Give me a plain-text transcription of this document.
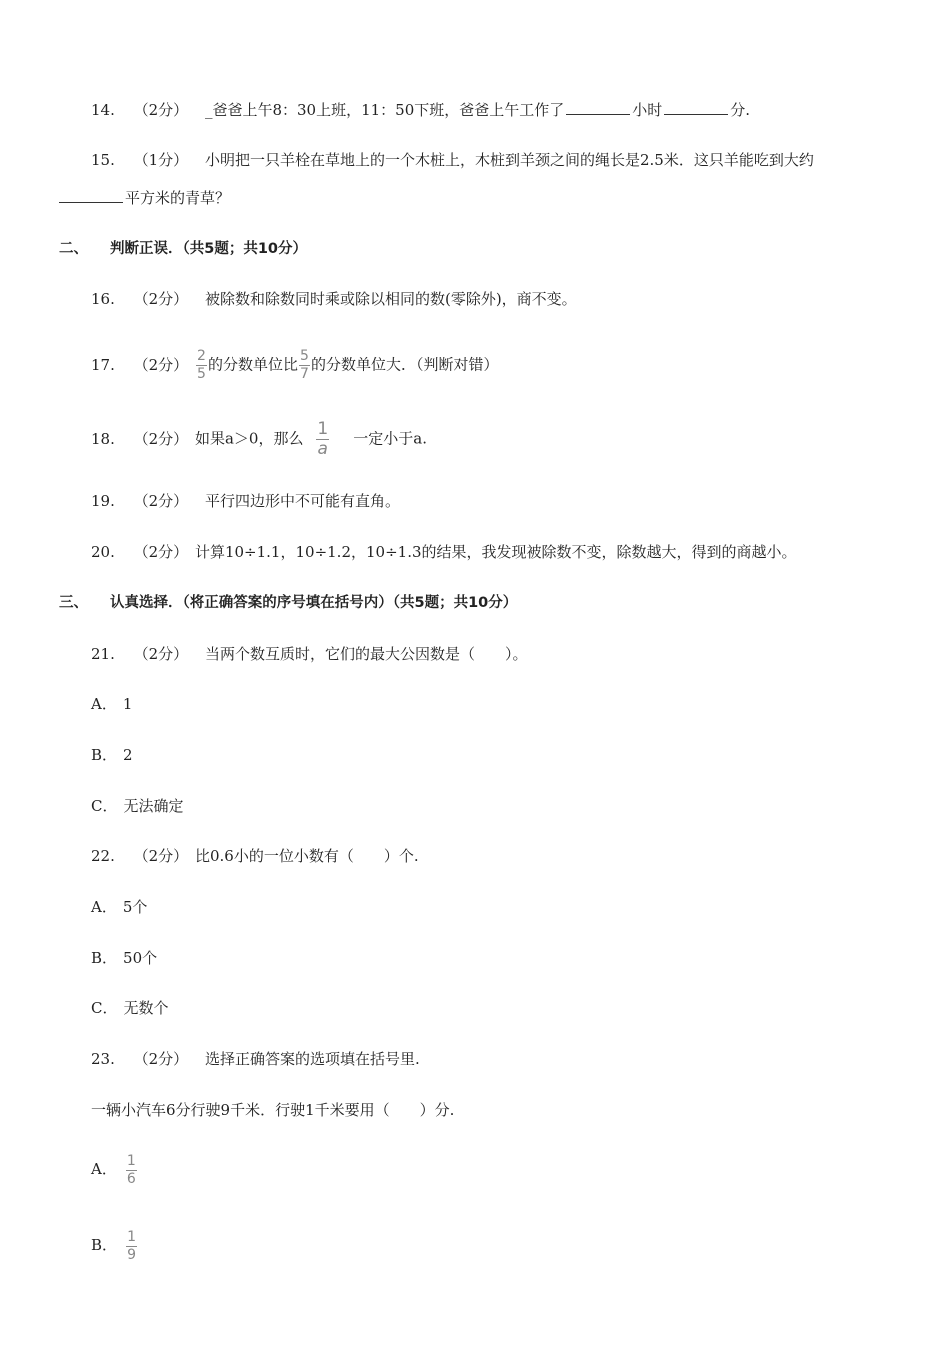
14. （2分） _爸爸上午8：30上班，11：50下班，爸爸上午工作了	小时	分.
15. （1分） 小明把一只羊栓在草地上的一个木桩上，木桩到羊颈之间的绳长是2.5米．这只羊能吃到大约
平方米的青草？
二、 判断正误．（共5题；共10分）
16. （2分） 被除数和除数同时乘或除以相同的数(零除外)，商不变。
17. （2分） $\frac{2}{5}$ 的分数单位比 $\frac{5}{7}$ 的分数单位大．（判断对错）
18. （2分） 如果a＞0，那么 $\frac{1}{a}$ 一定小于a.
19. （2分） 平行四边形中不可能有直角。
20. （2分） 计算10÷1.1，10÷1.2，10÷1.3的结果，我发现被除数不变，除数越大，得到的商越小。
三、 认真选择．（将正确答案的序号填在括号内）（共5题；共10分）
21. （2分） 当两个数互质时，它们的最大公因数是（　　）。
A． 1
B． 2
C． 无法确定
22. （2分） 比0.6小的一位小数有（　　）个.
A． 5个
B． 50个
C． 无数个
23. （2分） 选择正确答案的选项填在括号里.
一辆小汽车6分行驶9千米．行驶1千米要用（　　）分.
A． $\frac{1}{6}$
B． $\frac{1}{9}$
